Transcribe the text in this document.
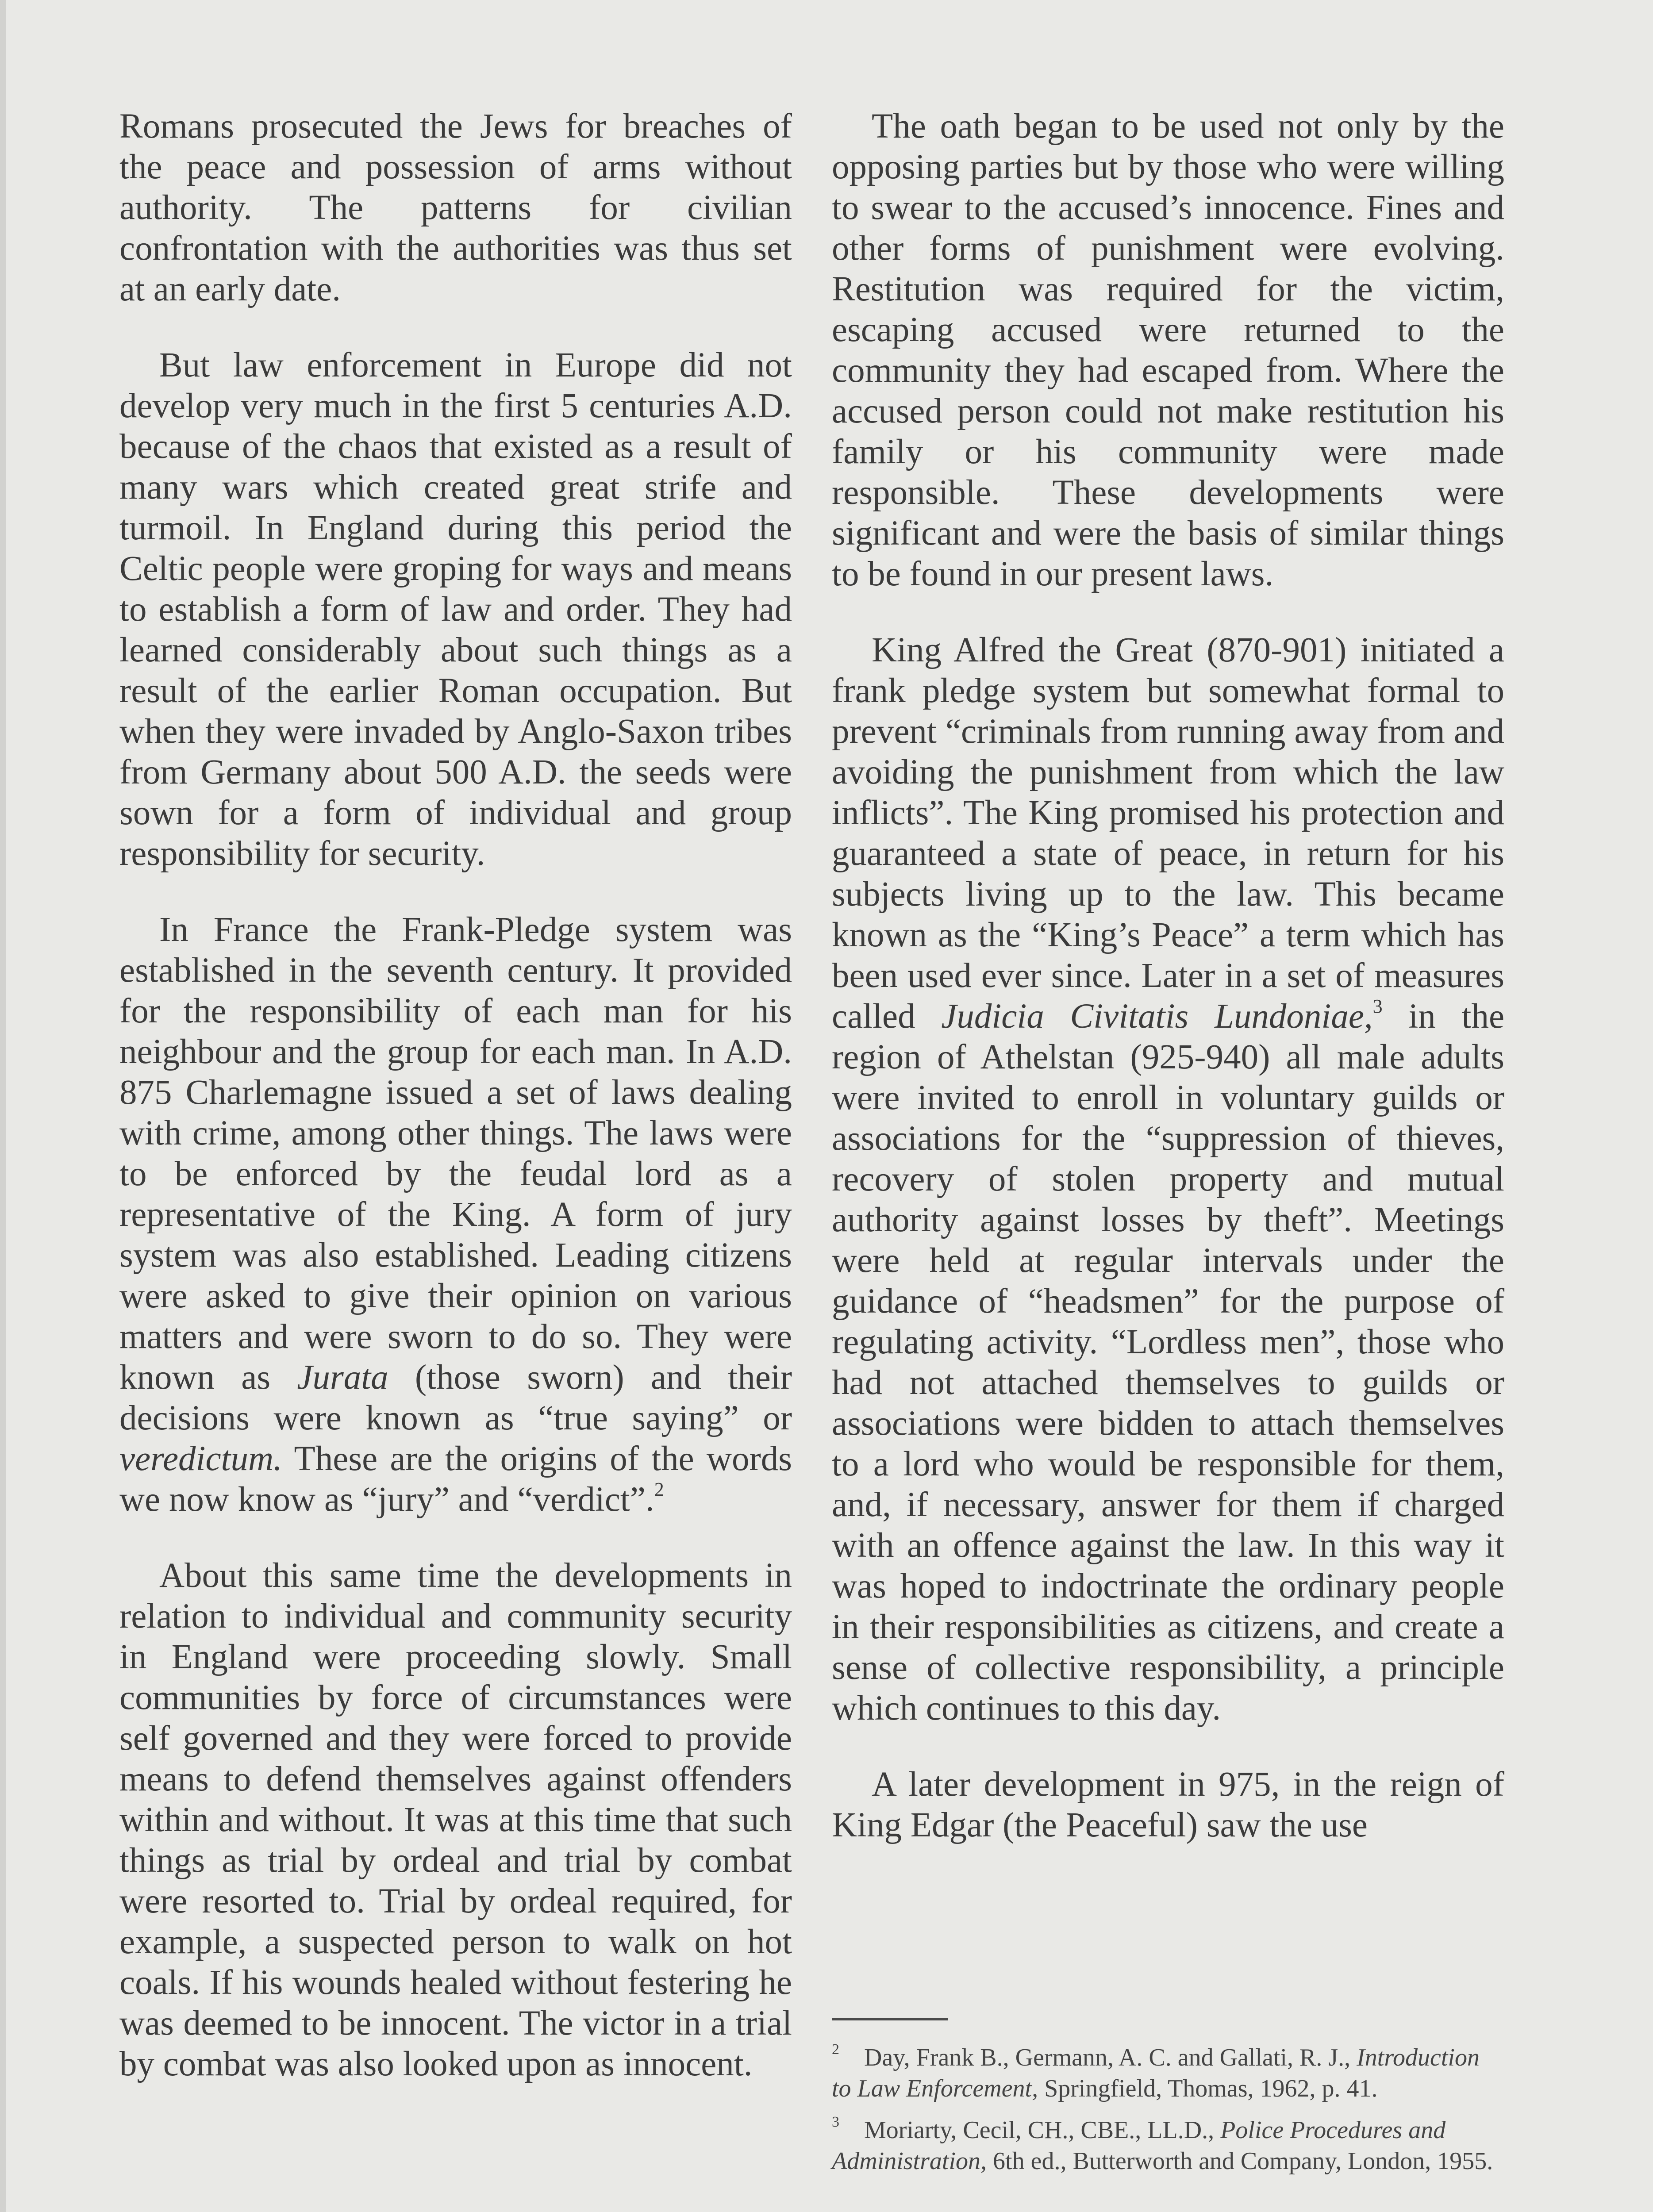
Romans prosecuted the Jews for breaches of the peace and possession of arms without authority. The patterns for civilian confrontation with the authorities was thus set at an early date.

But law enforcement in Europe did not develop very much in the first 5 centuries A.D. because of the chaos that existed as a result of many wars which created great strife and turmoil. In England during this period the Celtic people were groping for ways and means to establish a form of law and order. They had learned considerably about such things as a result of the earlier Roman occupation. But when they were invaded by Anglo-Saxon tribes from Germany about 500 A.D. the seeds were sown for a form of individual and group responsibility for security.

In France the Frank-Pledge system was established in the seventh century. It provided for the responsibility of each man for his neighbour and the group for each man. In A.D. 875 Charlemagne issued a set of laws dealing with crime, among other things. The laws were to be enforced by the feudal lord as a representative of the King. A form of jury system was also established. Leading citizens were asked to give their opinion on various matters and were sworn to do so. They were known as Jurata (those sworn) and their decisions were known as “true saying” or veredictum. These are the origins of the words we now know as “jury” and “verdict”.$^2$

About this same time the developments in relation to individual and community security in England were proceeding slowly. Small communities by force of circumstances were self governed and they were forced to provide means to defend themselves against offenders within and without. It was at this time that such things as trial by ordeal and trial by combat were resorted to. Trial by ordeal required, for example, a suspected person to walk on hot coals. If his wounds healed without festering he was deemed to be innocent. The victor in a trial by combat was also looked upon as innocent.

The oath began to be used not only by the opposing parties but by those who were willing to swear to the accused’s innocence. Fines and other forms of punishment were evolving. Restitution was required for the victim, escaping accused were returned to the community they had escaped from. Where the accused person could not make restitution his family or his community were made responsible. These developments were significant and were the basis of similar things to be found in our present laws.

King Alfred the Great (870-901) initiated a frank pledge system but somewhat formal to prevent “criminals from running away from and avoiding the punishment from which the law inflicts”. The King promised his protection and guaranteed a state of peace, in return for his subjects living up to the law. This became known as the “King’s Peace” a term which has been used ever since. Later in a set of measures called Judicia Civitatis Lundoniae,$^3$ in the region of Athelstan (925-940) all male adults were invited to enroll in voluntary guilds or associations for the “suppression of thieves, recovery of stolen property and mutual authority against losses by theft”. Meetings were held at regular intervals under the guidance of “headsmen” for the purpose of regulating activity. “Lordless men”, those who had not attached themselves to guilds or associations were bidden to attach themselves to a lord who would be responsible for them, and, if necessary, answer for them if charged with an offence against the law. In this way it was hoped to indoctrinate the ordinary people in their responsibilities as citizens, and create a sense of collective responsibility, a principle which continues to this day.

A later development in 975, in the reign of King Edgar (the Peaceful) saw the use

$^2$ Day, Frank B., Germann, A. C. and Gallati, R. J., Introduction to Law Enforcement, Springfield, Thomas, 1962, p. 41.

$^3$ Moriarty, Cecil, CH., CBE., LL.D., Police Procedures and Administration, 6th ed., Butterworth and Company, London, 1955.
